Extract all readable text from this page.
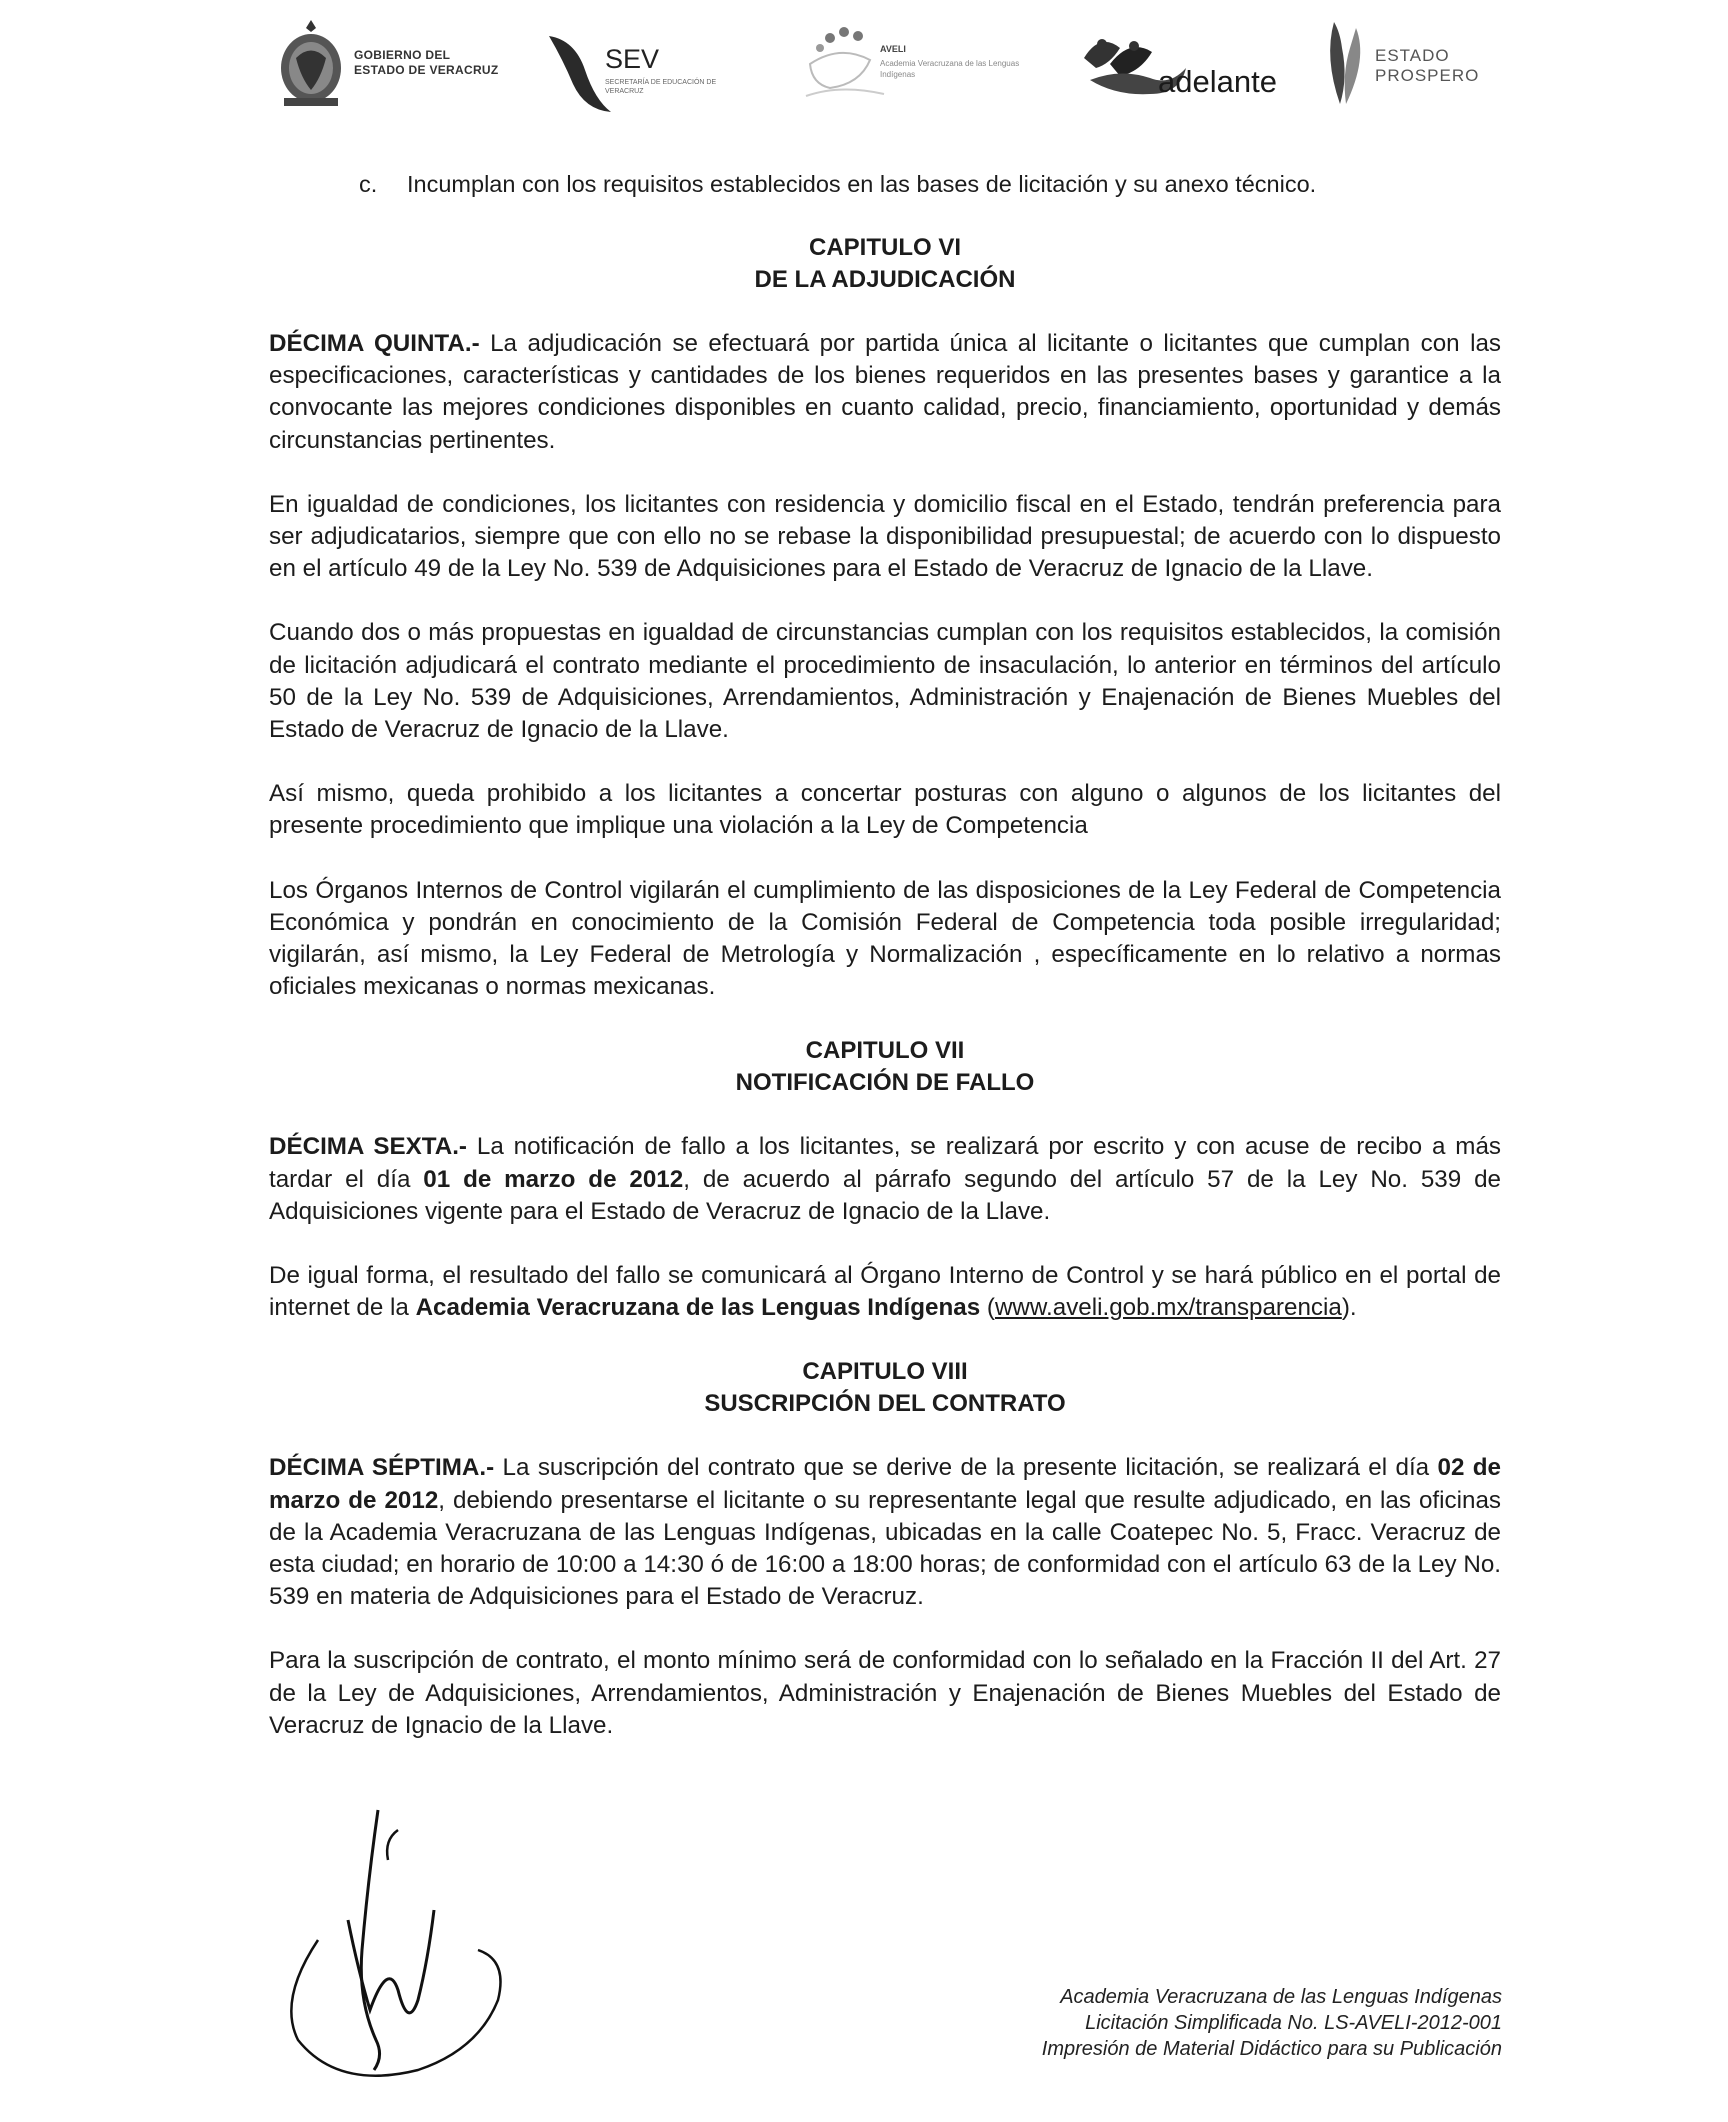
GOBIERNO DEL
ESTADO DE VERACRUZ	SEV
SECRETARÍA DE EDUCACIÓN DE VERACRUZ
AVELI
Academia Veracruzana de las Lenguas Indígenas	adelante
ESTADO
PROSPERO
c. Incumplan con los requisitos establecidos en las bases de licitación y su anexo técnico.
CAPITULO VI
DE LA ADJUDICACIÓN

DÉCIMA QUINTA.- La adjudicación se efectuará por partida única al licitante o licitantes que cumplan con las especificaciones, características y cantidades de los bienes requeridos en las presentes bases y garantice a la convocante las mejores condiciones disponibles en cuanto calidad, precio, financiamiento, oportunidad y demás circunstancias pertinentes.

En igualdad de condiciones, los licitantes con residencia y domicilio fiscal en el Estado, tendrán preferencia para ser adjudicatarios, siempre que con ello no se rebase la disponibilidad presupuestal; de acuerdo con lo dispuesto en el artículo 49 de la Ley No. 539 de Adquisiciones para el Estado de Veracruz de Ignacio de la Llave.

Cuando dos o más propuestas en igualdad de circunstancias cumplan con los requisitos establecidos, la comisión de licitación adjudicará el contrato mediante el procedimiento de insaculación, lo anterior en términos del artículo 50 de la Ley No. 539 de Adquisiciones, Arrendamientos, Administración y Enajenación de Bienes Muebles del Estado de Veracruz de Ignacio de la Llave.

Así mismo, queda prohibido a los licitantes a concertar posturas con alguno o algunos de los licitantes del presente procedimiento que implique una violación a la Ley de Competencia

Los Órganos Internos de Control vigilarán el cumplimiento de las disposiciones de la Ley Federal de Competencia Económica y pondrán en conocimiento de la Comisión Federal de Competencia toda posible irregularidad; vigilarán, así mismo, la Ley Federal de Metrología y Normalización , específicamente en lo relativo a normas oficiales mexicanas o normas mexicanas.

CAPITULO VII
NOTIFICACIÓN DE FALLO

DÉCIMA SEXTA.- La notificación de fallo a los licitantes, se realizará por escrito y con acuse de recibo a más tardar el día 01 de marzo de 2012, de acuerdo al párrafo segundo del artículo 57 de la Ley No. 539 de Adquisiciones vigente para el Estado de Veracruz de Ignacio de la Llave.

De igual forma, el resultado del fallo se comunicará al Órgano Interno de Control y se hará público en el portal de internet de la Academia Veracruzana de las Lenguas Indígenas (www.aveli.gob.mx/transparencia).

CAPITULO VIII
SUSCRIPCIÓN DEL CONTRATO

DÉCIMA SÉPTIMA.- La suscripción del contrato que se derive de la presente licitación, se realizará el día 02 de marzo de 2012, debiendo presentarse el licitante o su representante legal que resulte adjudicado, en las oficinas de la Academia Veracruzana de las Lenguas Indígenas, ubicadas en la calle Coatepec No. 5, Fracc. Veracruz de esta ciudad; en horario de 10:00 a 14:30 ó de 16:00 a 18:00 horas; de conformidad con el artículo 63 de la Ley No. 539 en materia de Adquisiciones para el Estado de Veracruz.

Para la suscripción de contrato, el monto mínimo será de conformidad con lo señalado en la Fracción II del Art. 27 de la Ley de Adquisiciones, Arrendamientos, Administración y Enajenación de Bienes Muebles del Estado de Veracruz de Ignacio de la Llave.

Academia Veracruzana de las Lenguas Indígenas
Licitación Simplificada No. LS-AVELI-2012-001
Impresión de Material Didáctico para su Publicación
